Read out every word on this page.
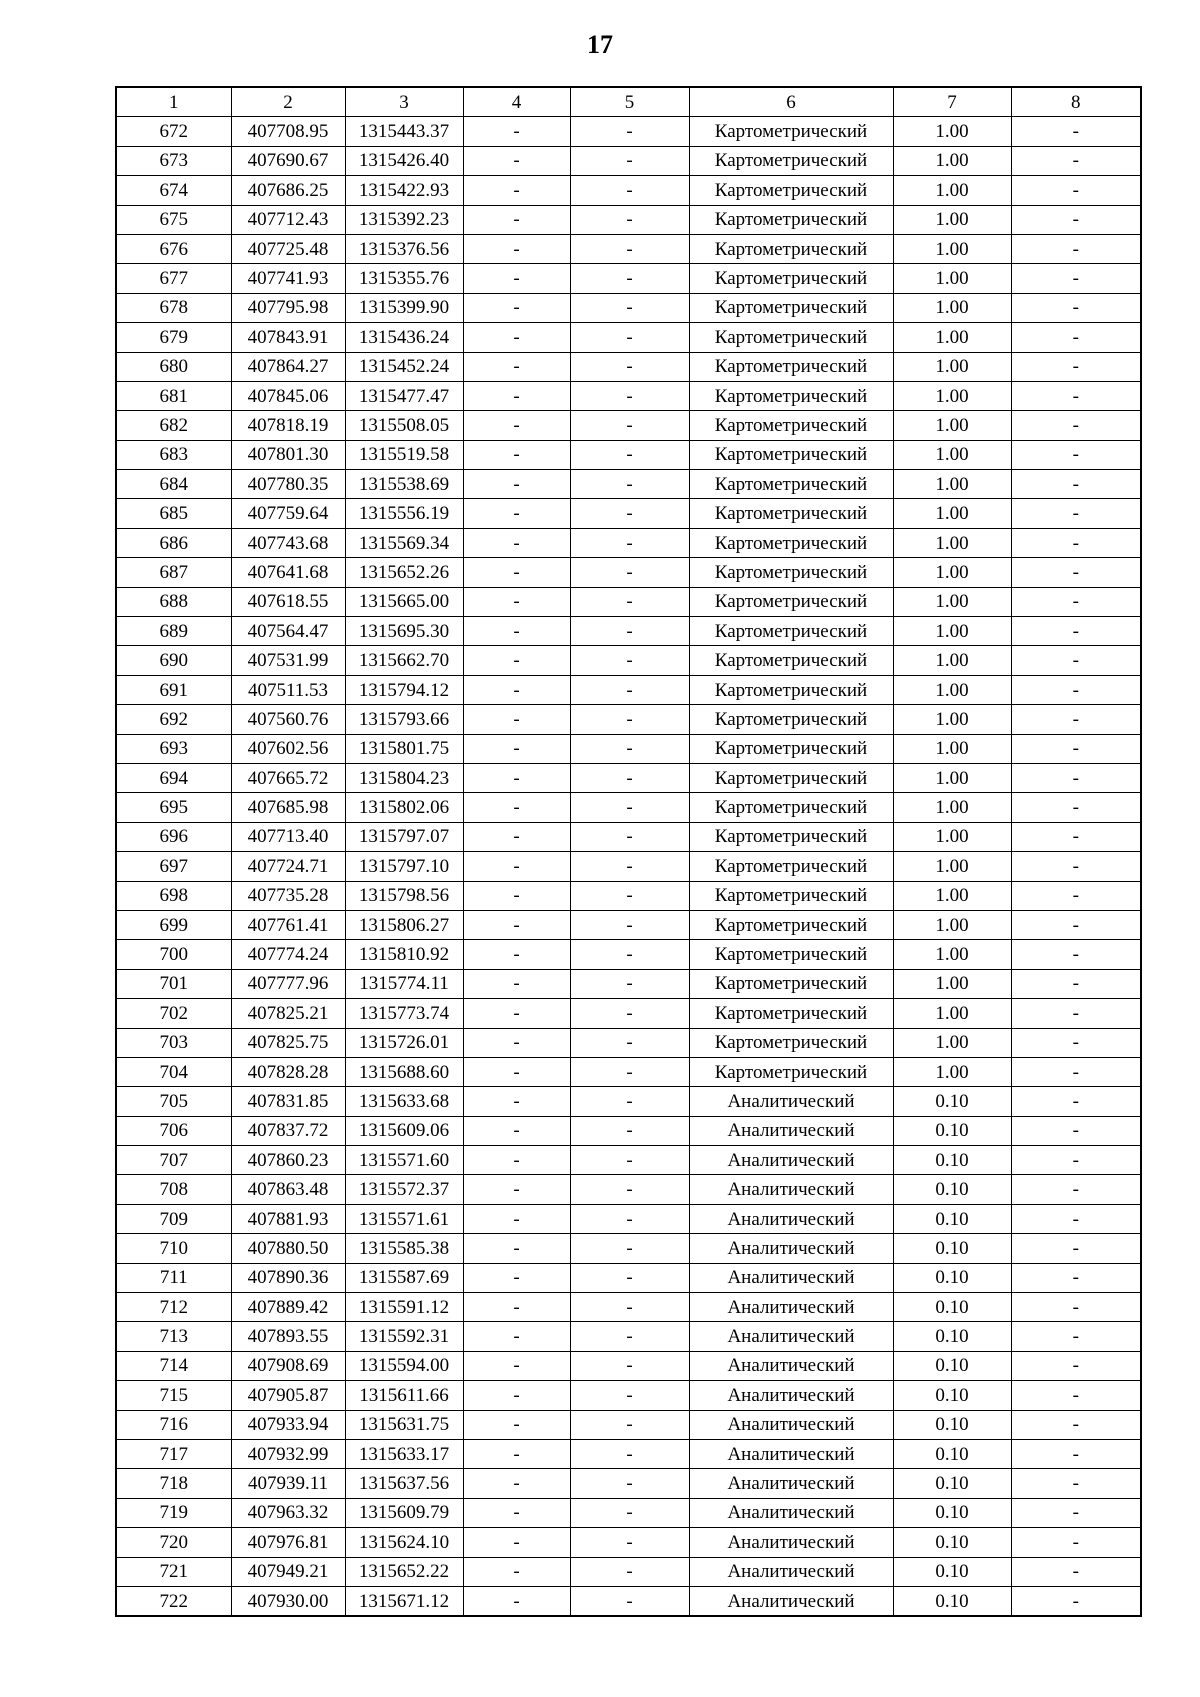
17
1	2	3	4	5	6	7	8
672	407708.95	1315443.37	-	-	Картометрический	1.00	-
673	407690.67	1315426.40	-	-	Картометрический	1.00	-
674	407686.25	1315422.93	-	-	Картометрический	1.00	-
675	407712.43	1315392.23	-	-	Картометрический	1.00	-
676	407725.48	1315376.56	-	-	Картометрический	1.00	-
677	407741.93	1315355.76	-	-	Картометрический	1.00	-
678	407795.98	1315399.90	-	-	Картометрический	1.00	-
679	407843.91	1315436.24	-	-	Картометрический	1.00	-
680	407864.27	1315452.24	-	-	Картометрический	1.00	-
681	407845.06	1315477.47	-	-	Картометрический	1.00	-
682	407818.19	1315508.05	-	-	Картометрический	1.00	-
683	407801.30	1315519.58	-	-	Картометрический	1.00	-
684	407780.35	1315538.69	-	-	Картометрический	1.00	-
685	407759.64	1315556.19	-	-	Картометрический	1.00	-
686	407743.68	1315569.34	-	-	Картометрический	1.00	-
687	407641.68	1315652.26	-	-	Картометрический	1.00	-
688	407618.55	1315665.00	-	-	Картометрический	1.00	-
689	407564.47	1315695.30	-	-	Картометрический	1.00	-
690	407531.99	1315662.70	-	-	Картометрический	1.00	-
691	407511.53	1315794.12	-	-	Картометрический	1.00	-
692	407560.76	1315793.66	-	-	Картометрический	1.00	-
693	407602.56	1315801.75	-	-	Картометрический	1.00	-
694	407665.72	1315804.23	-	-	Картометрический	1.00	-
695	407685.98	1315802.06	-	-	Картометрический	1.00	-
696	407713.40	1315797.07	-	-	Картометрический	1.00	-
697	407724.71	1315797.10	-	-	Картометрический	1.00	-
698	407735.28	1315798.56	-	-	Картометрический	1.00	-
699	407761.41	1315806.27	-	-	Картометрический	1.00	-
700	407774.24	1315810.92	-	-	Картометрический	1.00	-
701	407777.96	1315774.11	-	-	Картометрический	1.00	-
702	407825.21	1315773.74	-	-	Картометрический	1.00	-
703	407825.75	1315726.01	-	-	Картометрический	1.00	-
704	407828.28	1315688.60	-	-	Картометрический	1.00	-
705	407831.85	1315633.68	-	-	Аналитический	0.10	-
706	407837.72	1315609.06	-	-	Аналитический	0.10	-
707	407860.23	1315571.60	-	-	Аналитический	0.10	-
708	407863.48	1315572.37	-	-	Аналитический	0.10	-
709	407881.93	1315571.61	-	-	Аналитический	0.10	-
710	407880.50	1315585.38	-	-	Аналитический	0.10	-
711	407890.36	1315587.69	-	-	Аналитический	0.10	-
712	407889.42	1315591.12	-	-	Аналитический	0.10	-
713	407893.55	1315592.31	-	-	Аналитический	0.10	-
714	407908.69	1315594.00	-	-	Аналитический	0.10	-
715	407905.87	1315611.66	-	-	Аналитический	0.10	-
716	407933.94	1315631.75	-	-	Аналитический	0.10	-
717	407932.99	1315633.17	-	-	Аналитический	0.10	-
718	407939.11	1315637.56	-	-	Аналитический	0.10	-
719	407963.32	1315609.79	-	-	Аналитический	0.10	-
720	407976.81	1315624.10	-	-	Аналитический	0.10	-
721	407949.21	1315652.22	-	-	Аналитический	0.10	-
722	407930.00	1315671.12	-	-	Аналитический	0.10	-
